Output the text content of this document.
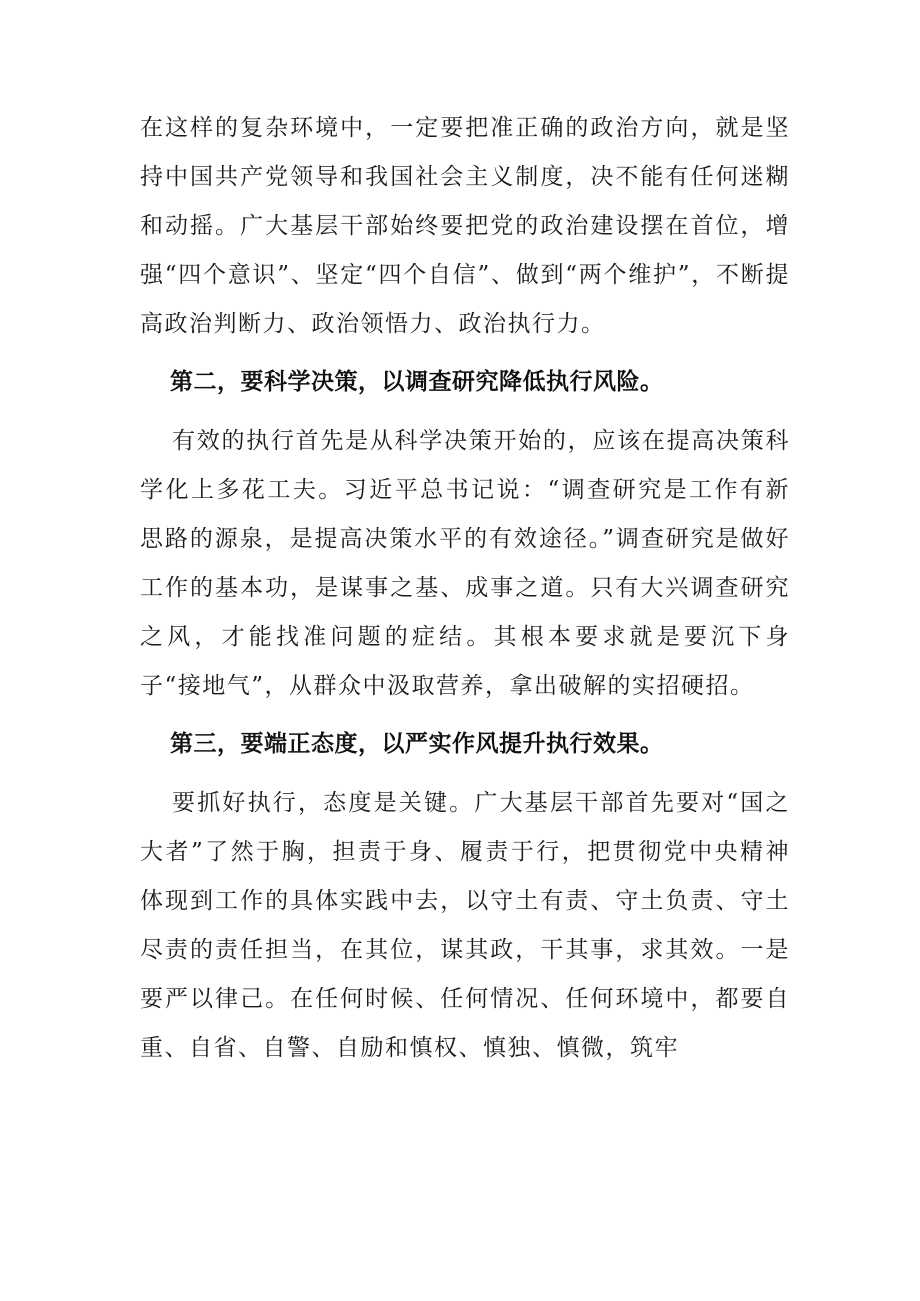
在这样的复杂环境中，一定要把准正确的政治方向，就是坚持中国共产党领导和我国社会主义制度，决不能有任何迷糊和动摇。广大基层干部始终要把党的政治建设摆在首位，增强“四个意识”、坚定“四个自信”、做到“两个维护”，不断提高政治判断力、政治领悟力、政治执行力。

第二，要科学决策，以调查研究降低执行风险。

有效的执行首先是从科学决策开始的，应该在提高决策科学化上多花工夫。习近平总书记说：“调查研究是工作有新思路的源泉，是提高决策水平的有效途径。”调查研究是做好工作的基本功，是谋事之基、成事之道。只有大兴调查研究之风，才能找准问题的症结。其根本要求就是要沉下身子“接地气”，从群众中汲取营养，拿出破解的实招硬招。

第三，要端正态度，以严实作风提升执行效果。

要抓好执行，态度是关键。广大基层干部首先要对“国之大者”了然于胸，担责于身、履责于行，把贯彻党中央精神体现到工作的具体实践中去，以守土有责、守土负责、守土尽责的责任担当，在其位，谋其政，干其事，求其效。一是要严以律己。在任何时候、任何情况、任何环境中，都要自重、自省、自警、自励和慎权、慎独、慎微，筑牢
